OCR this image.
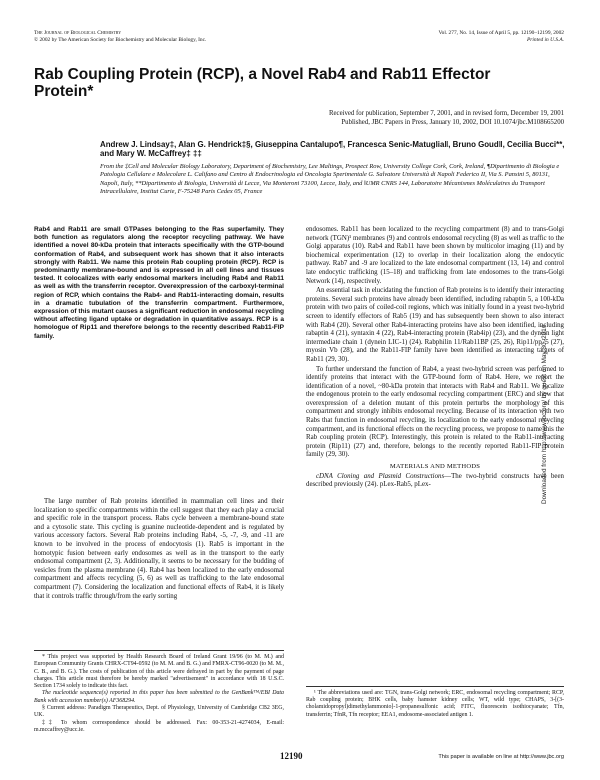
The Journal of Biological Chemistry
© 2002 by The American Society for Biochemistry and Molecular Biology, Inc.
Vol. 277, No. 14, Issue of April 5, pp. 12190–12199, 2002
Printed in U.S.A.
Rab Coupling Protein (RCP), a Novel Rab4 and Rab11 Effector Protein*
Received for publication, September 7, 2001, and in revised form, December 19, 2001
Published, JBC Papers in Press, January 10, 2002, DOI 10.1074/jbc.M108665200
Andrew J. Lindsay‡, Alan G. Hendrick‡§, Giuseppina Cantalupo¶, Francesca Senic-Matuglia‖, Bruno Goud‖, Cecilia Bucci**, and Mary W. McCaffrey‡ ‡‡
From the ‡Cell and Molecular Biology Laboratory, Department of Biochemistry, Lee Maltings, Prospect Row, University College Cork, Cork, Ireland, ¶Dipartimento di Biologia e Patologia Cellulare e Molecolare L. Califano and Centro di Endocrinologia ed Oncologia Sperimentale G. Salvatore Università di Napoli Federico II, Via S. Pansini 5, 80131, Napoli, Italy, **Dipartimento di Biologia, Università di Lecce, Via Monteroni 73100, Lecce, Italy, and ‖UMR CNRS 144, Laboratoire Mécanismes Moléculaires du Transport Intracellulaire, Institut Curie, F-75248 Paris Cedex 05, France
Rab4 and Rab11 are small GTPases belonging to the Ras superfamily. They both function as regulators along the receptor recycling pathway. We have identified a novel 80-kDa protein that interacts specifically with the GTP-bound conformation of Rab4, and subsequent work has shown that it also interacts strongly with Rab11. We name this protein Rab coupling protein (RCP). RCP is predominantly membrane-bound and is expressed in all cell lines and tissues tested. It colocalizes with early endosomal markers including Rab4 and Rab11 as well as with the transferrin receptor. Overexpression of the carboxyl-terminal region of RCP, which contains the Rab4- and Rab11-interacting domain, results in a dramatic tubulation of the transferrin compartment. Furthermore, expression of this mutant causes a significant reduction in endosomal recycling without affecting ligand uptake or degradation in quantitative assays. RCP is a homologue of Rip11 and therefore belongs to the recently described Rab11-FIP family.

The large number of Rab proteins identified in mammalian cell lines and their localization to specific compartments within the cell suggest that they each play a crucial and specific role in the transport process. Rabs cycle between a membrane-bound state and a cytosolic state. This cycling is guanine nucleotide-dependent and is regulated by various accessory factors. Several Rab proteins including Rab4, -5, -7, -9, and -11 are known to be involved in the process of endocytosis (1). Rab5 is important in the homotypic fusion between early endosomes as well as in the transport to the early endosomal compartment (2, 3). Additionally, it seems to be necessary for the budding of vesicles from the plasma membrane (4). Rab4 has been localized to the early endosomal compartment and affects recycling (5, 6) as well as trafficking to the late endosomal compartment (7). Considering the localization and functional effects of Rab4, it is likely that it controls traffic through/from the early sorting

endosomes. Rab11 has been localized to the recycling compartment (8) and to trans-Golgi network (TGN)¹ membranes (9) and controls endosomal recycling (8) as well as traffic to the Golgi apparatus (10). Rab4 and Rab11 have been shown by multicolor imaging (11) and by biochemical experimentation (12) to overlap in their localization along the endocytic pathway. Rab7 and -9 are localized to the late endosomal compartment (13, 14) and control late endocytic trafficking (15–18) and trafficking from late endosomes to the trans-Golgi Network (14), respectively.

An essential task in elucidating the function of Rab proteins is to identify their interacting proteins. Several such proteins have already been identified, including rabaptin 5, a 100-kDa protein with two pairs of coiled-coil regions, which was initially found in a yeast two-hybrid screen to identify effectors of Rab5 (19) and has subsequently been shown to also interact with Rab4 (20). Several other Rab4-interacting proteins have also been identified, including rabaptin 4 (21), syntaxin 4 (22), Rab4-interacting protein (Rab4ip) (23), and the dynein light intermediate chain 1 (dynein LIC-1) (24). Rabphilin 11/Rab11BP (25, 26), Rip11/pp75 (27), myosin Vb (28), and the Rab11-FIP family have been identified as interacting targets of Rab11 (29, 30).

To further understand the function of Rab4, a yeast two-hybrid screen was performed to identify proteins that interact with the GTP-bound form of Rab4. Here, we report the identification of a novel, ~80-kDa protein that interacts with Rab4 and Rab11. We localize the endogenous protein to the early endosomal recycling compartment (ERC) and show that overexpression of a deletion mutant of this protein perturbs the morphology of this compartment and strongly inhibits endosomal recycling. Because of its interaction with two Rabs that function in endosomal recycling, its localization to the early endosomal recycling compartment, and its functional effects on the recycling process, we propose to name this the Rab coupling protein (RCP). Interestingly, this protein is related to the Rab11-interacting protein (Rip11) (27) and, therefore, belongs to the recently reported Rab11-FIP protein family (29, 30).

MATERIALS AND METHODS

cDNA Cloning and Plasmid Constructions—The two-hybrid constructs have been described previously (24). pLex-Rab5, pLex-

* This project was supported by Health Research Board of Ireland Grant 19/96 (to M. M.) and European Community Grants CHRX-CT94-0592 (to M. M. and B. G.) and FMRX-CT96-0020 (to M. M., C. B., and B. G.). The costs of publication of this article were defrayed in part by the payment of page charges. This article must therefore be hereby marked "advertisement" in accordance with 18 U.S.C. Section 1734 solely to indicate this fact.

The nucleotide sequence(s) reported in this paper has been submitted to the GenBank™/EBI Data Bank with accession number(s) AF368294.

§ Current address: Paradigm Therapeutics, Dept. of Physiology, University of Cambridge CB2 3EG, UK.

‡‡ To whom correspondence should be addressed. Fax: 00-353-21-4274034, E-mail: m.mccaffrey@ucc.ie.

¹ The abbreviations used are: TGN, trans-Golgi network; ERC, endosomal recycling compartment; RCP, Rab coupling protein; BHK cells, baby hamster kidney cells; WT, wild type; CHAPS, 3-[(3-cholamidopropyl)dimethylammonio]-1-propanesulfonic acid; FITC, fluorescein isothiocyanate; Tfn, transferrin; TfnR, Tfn receptor; EEA1, endosome-associated antigen 1.

12190	This paper is available on line at http://www.jbc.org
Downloaded from http://www.jbc.org/ by guest on May 30, 2016
